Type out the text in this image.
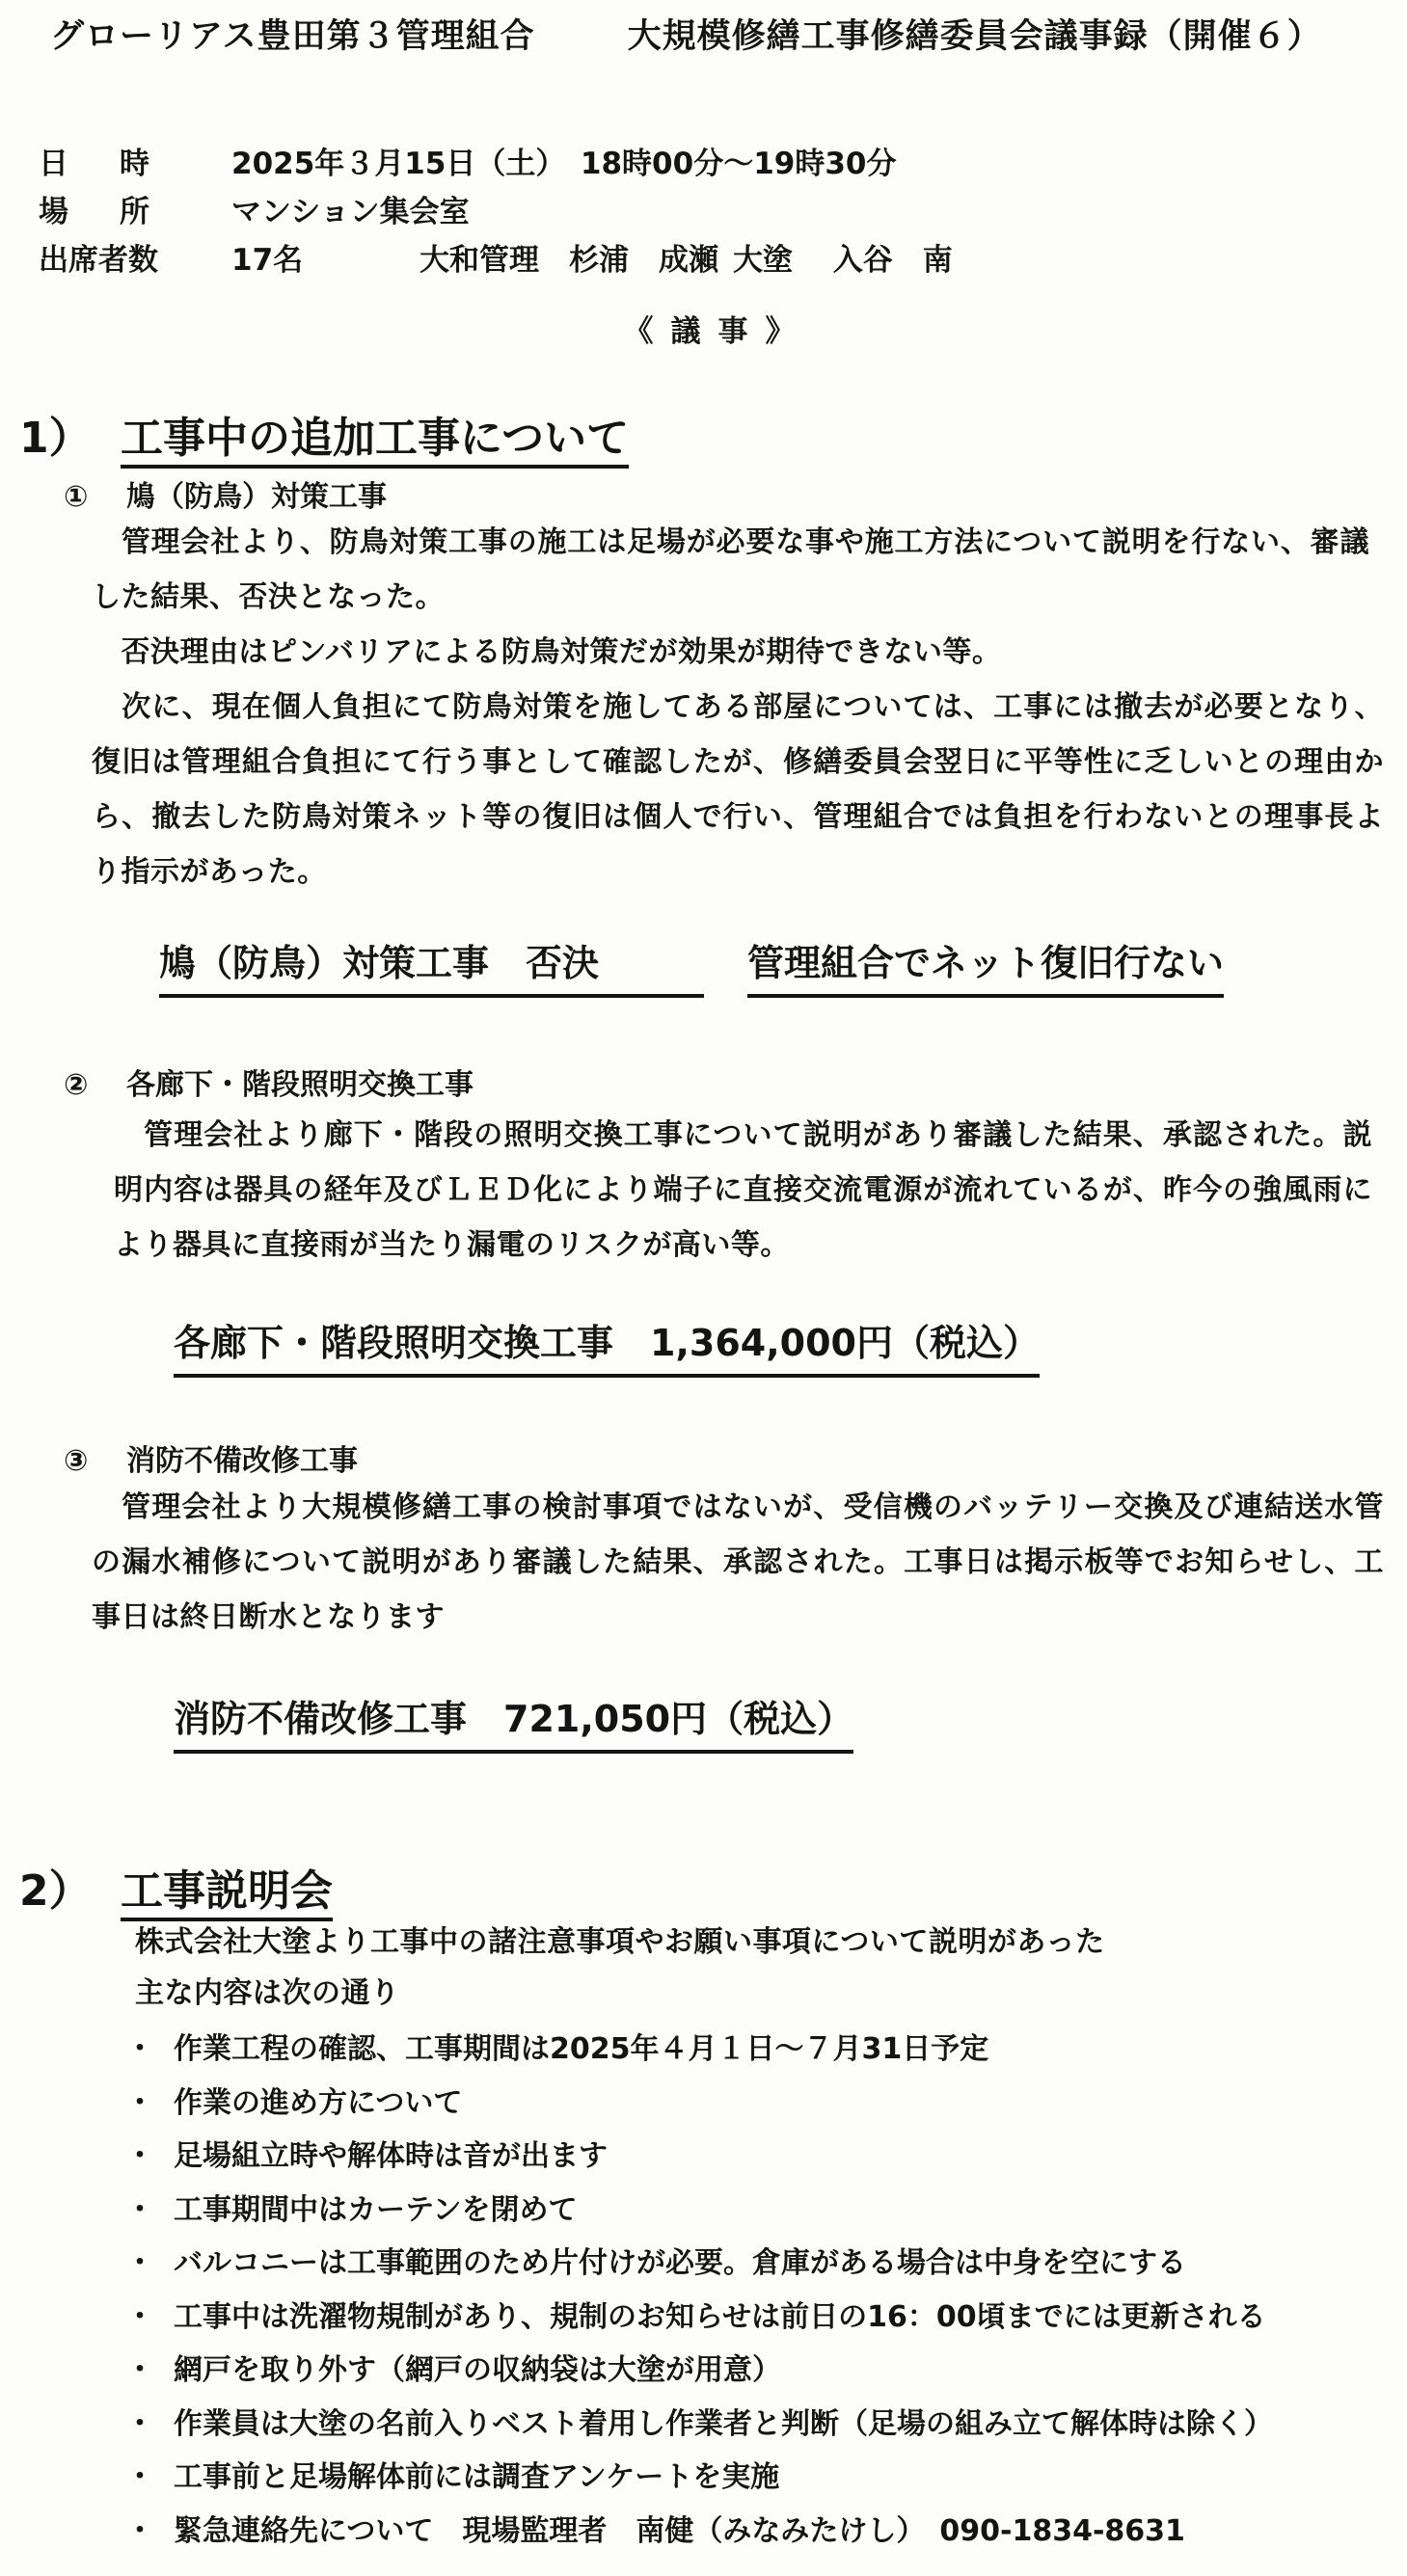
グローリアス豊田第３管理組合	大規模修繕工事修繕委員会議事録（開催６）
日 時	2025年３月15日（土）　18時00分～19時30分
場 所	マンション集会室
出席者数	17名	大和管理　杉浦　成瀬 大塗　 入谷　南
《議事》
1） 工事中の追加工事について
① 鳩（防鳥）対策工事
　管理会社より、防鳥対策工事の施工は足場が必要な事や施工方法について説明を行ない、審議した結果、否決となった。
　否決理由はピンバリアによる防鳥対策だが効果が期待できない等。
　次に、現在個人負担にて防鳥対策を施してある部屋については、工事には撤去が必要となり、復旧は管理組合負担にて行う事として確認したが、修繕委員会翌日に平等性に乏しいとの理由から、撤去した防鳥対策ネット等の復旧は個人で行い、管理組合では負担を行わないとの理事長より指示があった。
鳩（防鳥）対策工事　否決	管理組合でネット復旧行ない
② 各廊下・階段照明交換工事
　管理会社より廊下・階段の照明交換工事について説明があり審議した結果、承認された。説明内容は器具の経年及びＬＥＤ化により端子に直接交流電源が流れているが、昨今の強風雨により器具に直接雨が当たり漏電のリスクが高い等。
各廊下・階段照明交換工事　1,364,000円（税込）
③ 消防不備改修工事
　管理会社より大規模修繕工事の検討事項ではないが、受信機のバッテリー交換及び連結送水管の漏水補修について説明があり審議した結果、承認された。工事日は掲示板等でお知らせし、工事日は終日断水となります
消防不備改修工事　721,050円（税込）
2） 工事説明会
株式会社大塗より工事中の諸注意事項やお願い事項について説明があった
主な内容は次の通り
・ 作業工程の確認、工事期間は2025年４月１日～７月31日予定
・ 作業の進め方について
・ 足場組立時や解体時は音が出ます
・ 工事期間中はカーテンを閉めて
・ バルコニーは工事範囲のため片付けが必要。倉庫がある場合は中身を空にする
・ 工事中は洗濯物規制があり、規制のお知らせは前日の16：00頃までには更新される
・ 網戸を取り外す（網戸の収納袋は大塗が用意）
・ 作業員は大塗の名前入りベスト着用し作業者と判断（足場の組み立て解体時は除く）
・ 工事前と足場解体前には調査アンケートを実施
・ 緊急連絡先について　現場監理者　南健（みなみたけし）　090-1834-8631
